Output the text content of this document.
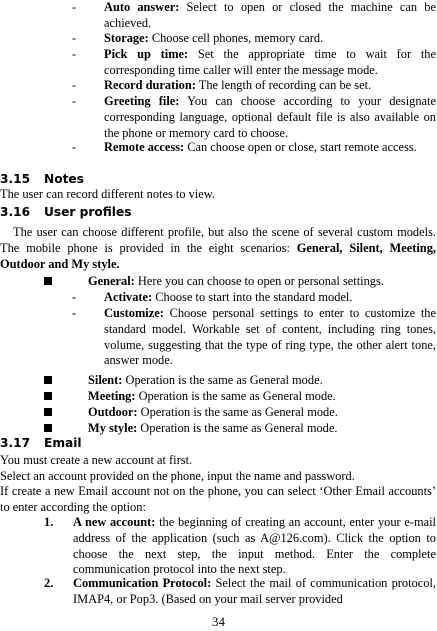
- Auto answer: Select to open or closed the machine can be achieved.
- Storage: Choose cell phones, memory card.
- Pick up time: Set the appropriate time to wait for the corresponding time caller will enter the message mode.
- Record duration: The length of recording can be set.
- Greeting file: You can choose according to your designate corresponding language, optional default file is also available on the phone or memory card to choose.
- Remote access: Can choose open or close, start remote access.
3.15 Notes
The user can record different notes to view.
3.16 User profiles
The user can choose different profile, but also the scene of several custom models. The mobile phone is provided in the eight scenarios: General, Silent, Meeting, Outdoor and My style.
General: Here you can choose to open or personal settings.
- Activate: Choose to start into the standard model.
- Customize: Choose personal settings to enter to customize the standard model. Workable set of content, including ring tones, volume, suggesting that the type of ring type, the other alert tone, answer mode.
Silent: Operation is the same as General mode.
Meeting: Operation is the same as General mode.
Outdoor: Operation is the same as General mode.
My style: Operation is the same as General mode.
3.17 Email
You must create a new account at first.
Select an account provided on the phone, input the name and password.
If create a new Email account not on the phone, you can select ‘Other Email accounts’ to enter according the option:
1. A new account: the beginning of creating an account, enter your e-mail address of the application (such as A@126.com). Click the option to choose the next step, the input method. Enter the complete communication protocol into the next step.
2. Communication Protocol: Select the mail of communication protocol, IMAP4, or Pop3. (Based on your mail server provided
34
